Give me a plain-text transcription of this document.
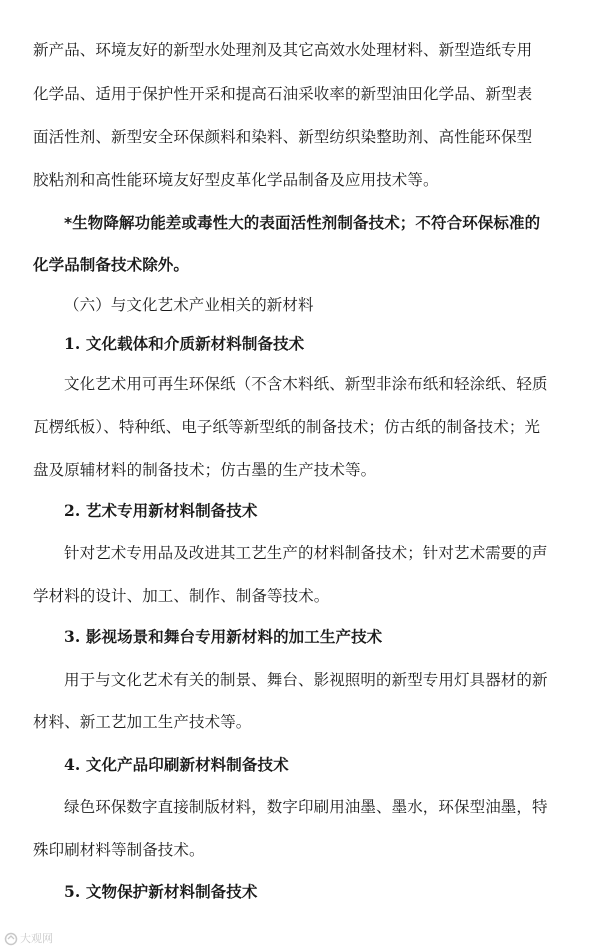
新产品、环境友好的新型水处理剂及其它高效水处理材料、新型造纸专用
化学品、适用于保护性开采和提高石油采收率的新型油田化学品、新型表
面活性剂、新型安全环保颜料和染料、新型纺织染整助剂、高性能环保型
胶粘剂和高性能环境友好型皮革化学品制备及应用技术等。
*生物降解功能差或毒性大的表面活性剂制备技术；不符合环保标准的
化学品制备技术除外。
（六）与文化艺术产业相关的新材料
1. 文化载体和介质新材料制备技术
文化艺术用可再生环保纸（不含木料纸、新型非涂布纸和轻涂纸、轻质
瓦楞纸板）、特种纸、电子纸等新型纸的制备技术；仿古纸的制备技术；光
盘及原辅材料的制备技术；仿古墨的生产技术等。
2. 艺术专用新材料制备技术
针对艺术专用品及改进其工艺生产的材料制备技术；针对艺术需要的声
学材料的设计、加工、制作、制备等技术。
3. 影视场景和舞台专用新材料的加工生产技术
用于与文化艺术有关的制景、舞台、影视照明的新型专用灯具器材的新
材料、新工艺加工生产技术等。
4. 文化产品印刷新材料制备技术
绿色环保数字直接制版材料，数字印刷用油墨、墨水，环保型油墨，特
殊印刷材料等制备技术。
5. 文物保护新材料制备技术
大观网
